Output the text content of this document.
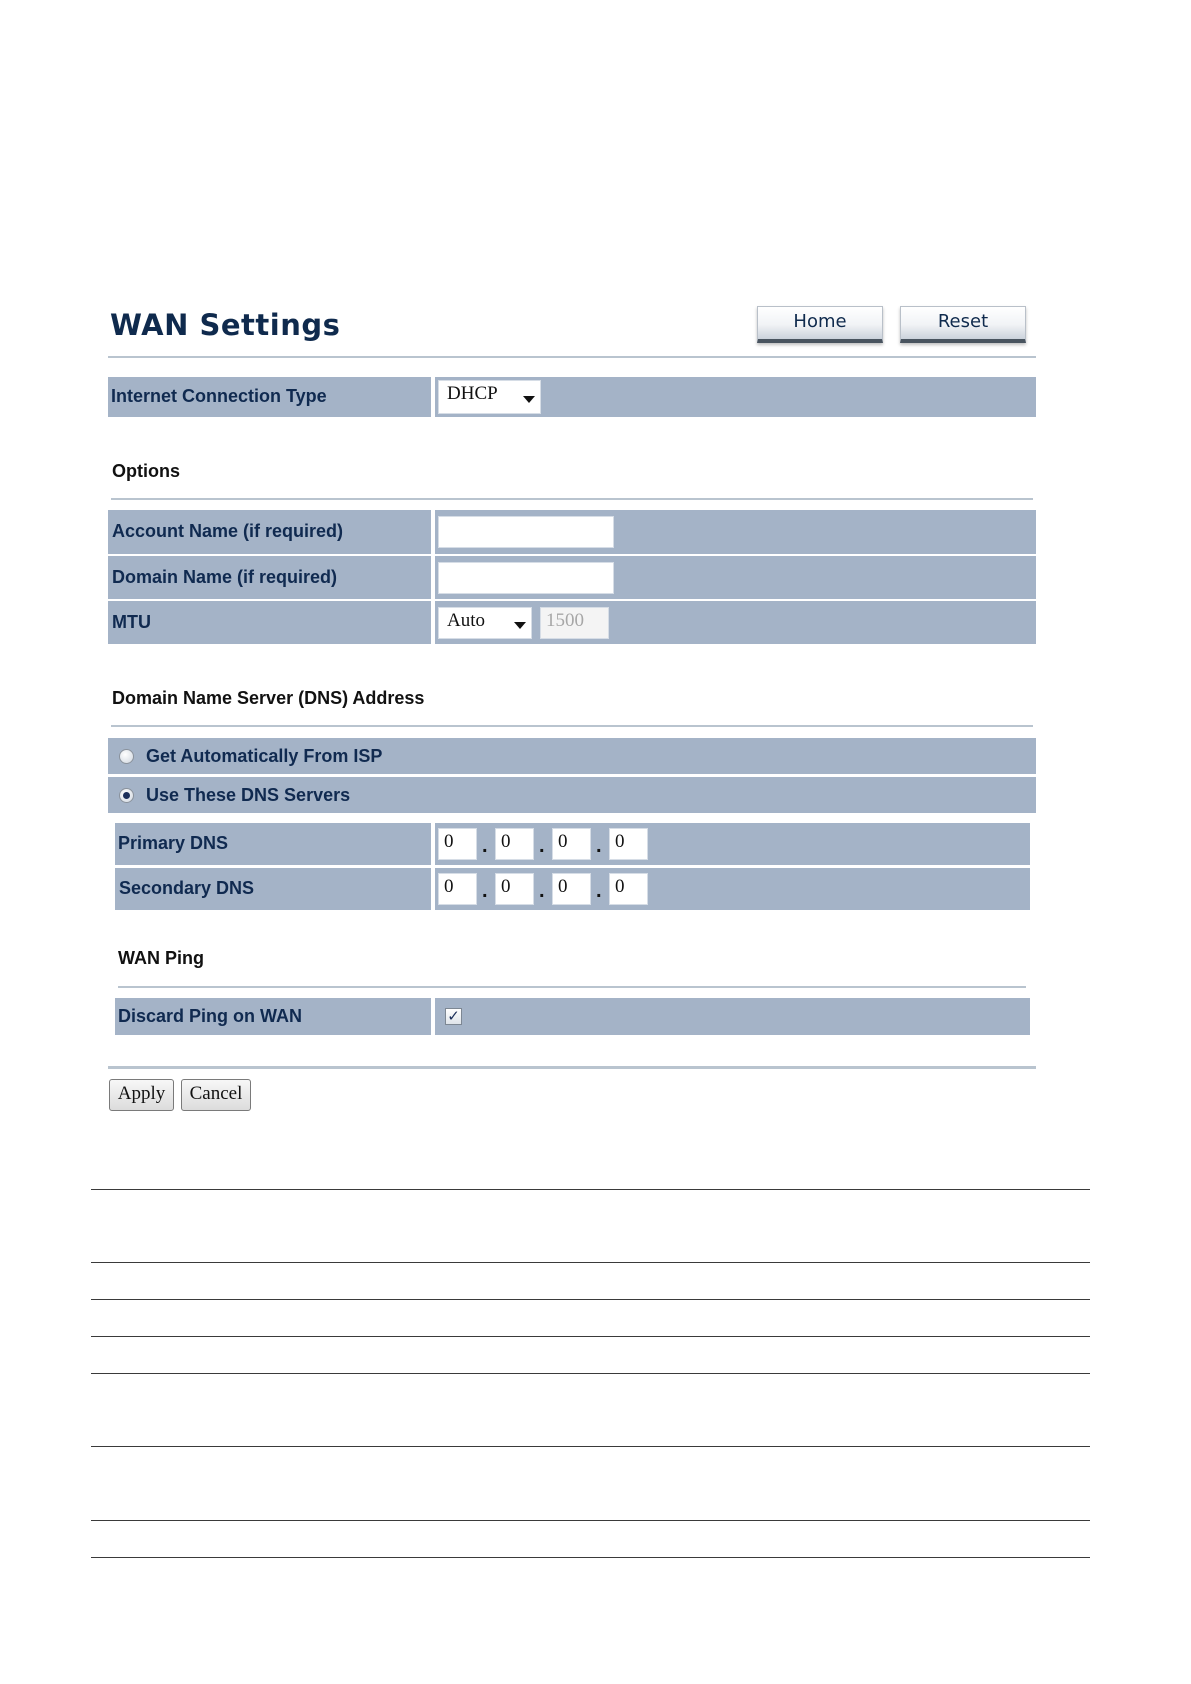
WAN Settings	Home	Reset
Internet Connection Type	DHCP
Options
Account Name (if required)
Domain Name (if required)
MTU	Auto	1500
Domain Name Server (DNS) Address
Get Automatically From ISP
Use These DNS Servers
Primary DNS	0	. 0	. 0	. 0
Secondary DNS	0	. 0	. 0	. 0
WAN Ping
Discard Ping on WAN	✓
Apply	Cancel
